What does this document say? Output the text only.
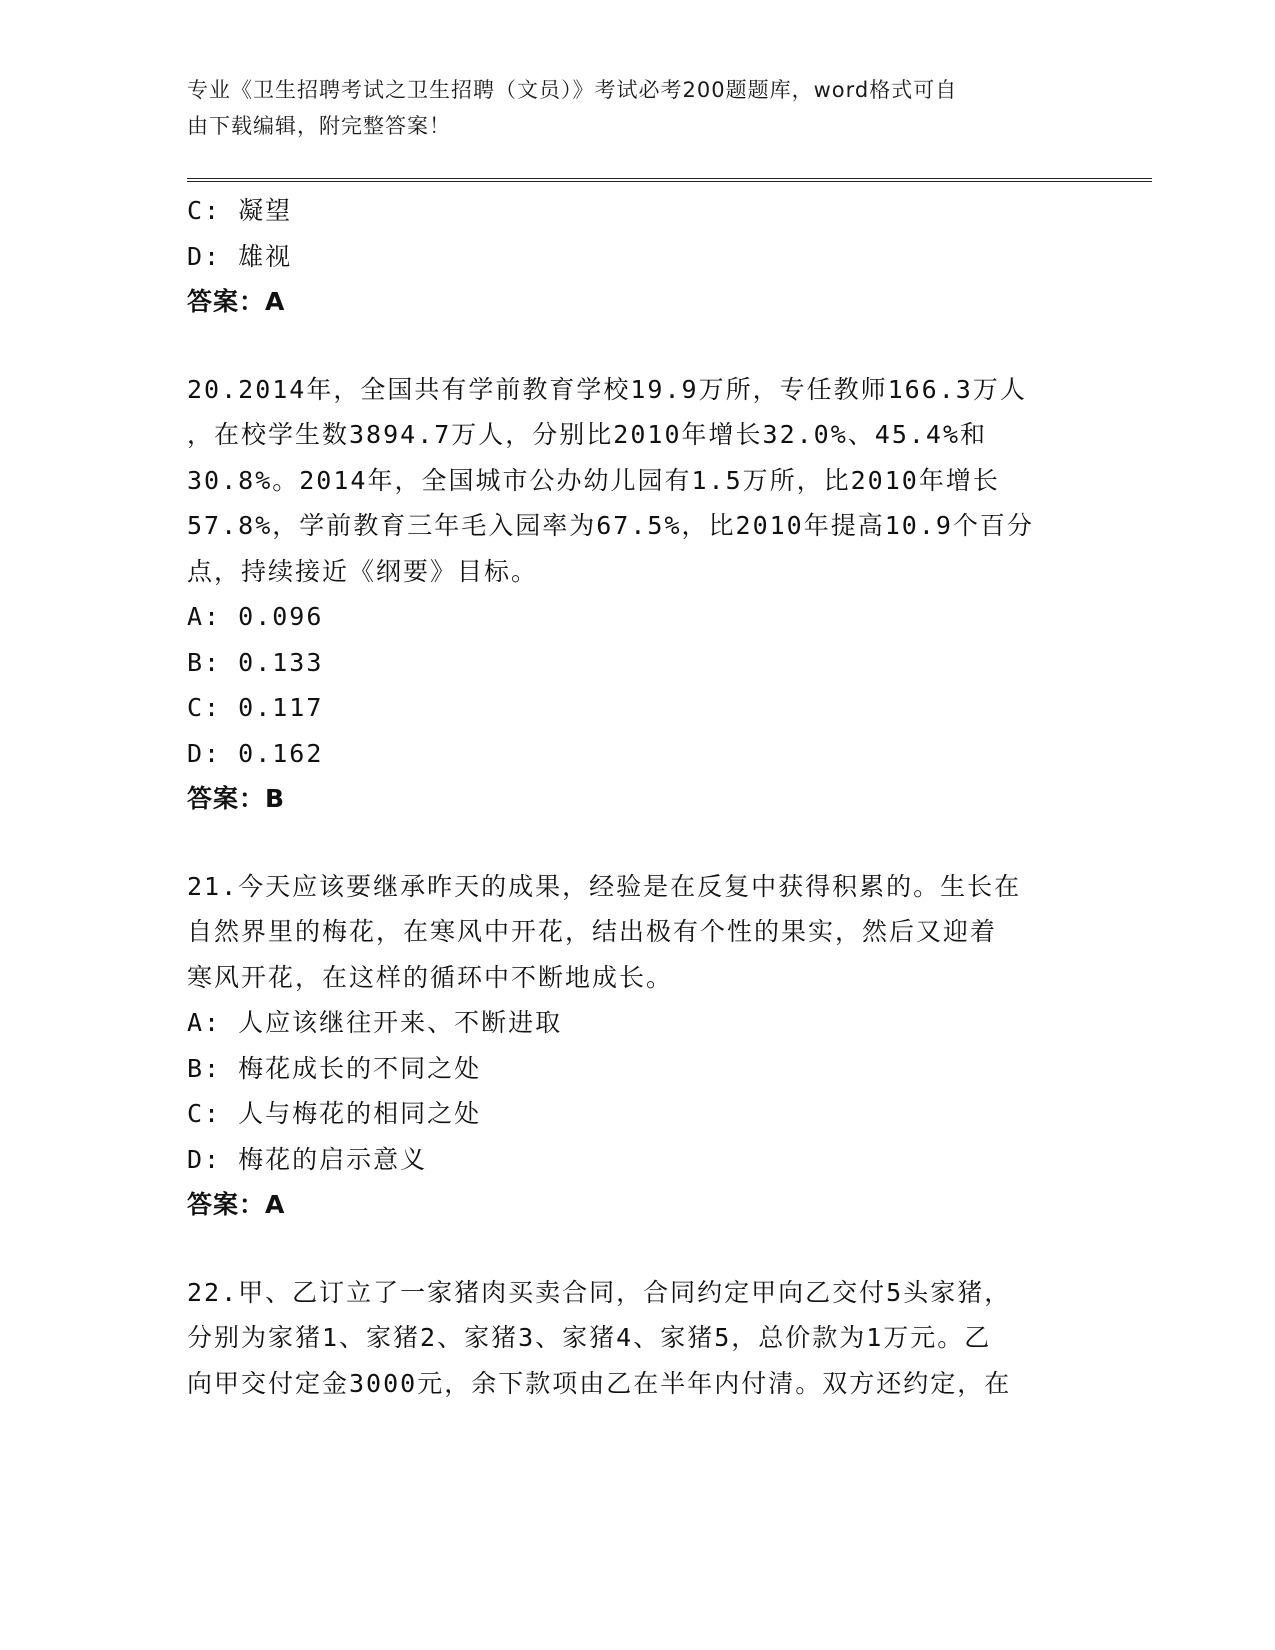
专业《卫生招聘考试之卫生招聘（文员）》考试必考200题题库，word格式可自
由下载编辑，附完整答案！
C: 凝望
D: 雄视
答案：A
20.2014年，全国共有学前教育学校19.9万所，专任教师166.3万人
，在校学生数3894.7万人，分别比2010年增长32.0%、45.4%和
30.8%。2014年，全国城市公办幼儿园有1.5万所，比2010年增长
57.8%，学前教育三年毛入园率为67.5%，比2010年提高10.9个百分
点，持续接近《纲要》目标。
A: 0.096
B: 0.133
C: 0.117
D: 0.162
答案：B
21.今天应该要继承昨天的成果，经验是在反复中获得积累的。生长在
自然界里的梅花，在寒风中开花，结出极有个性的果实，然后又迎着
寒风开花，在这样的循环中不断地成长。
A: 人应该继往开来、不断进取
B: 梅花成长的不同之处
C: 人与梅花的相同之处
D: 梅花的启示意义
答案：A
22.甲、乙订立了一家猪肉买卖合同，合同约定甲向乙交付5头家猪，
分别为家猪1、家猪2、家猪3、家猪4、家猪5，总价款为1万元。乙
向甲交付定金3000元，余下款项由乙在半年内付清。双方还约定，在
